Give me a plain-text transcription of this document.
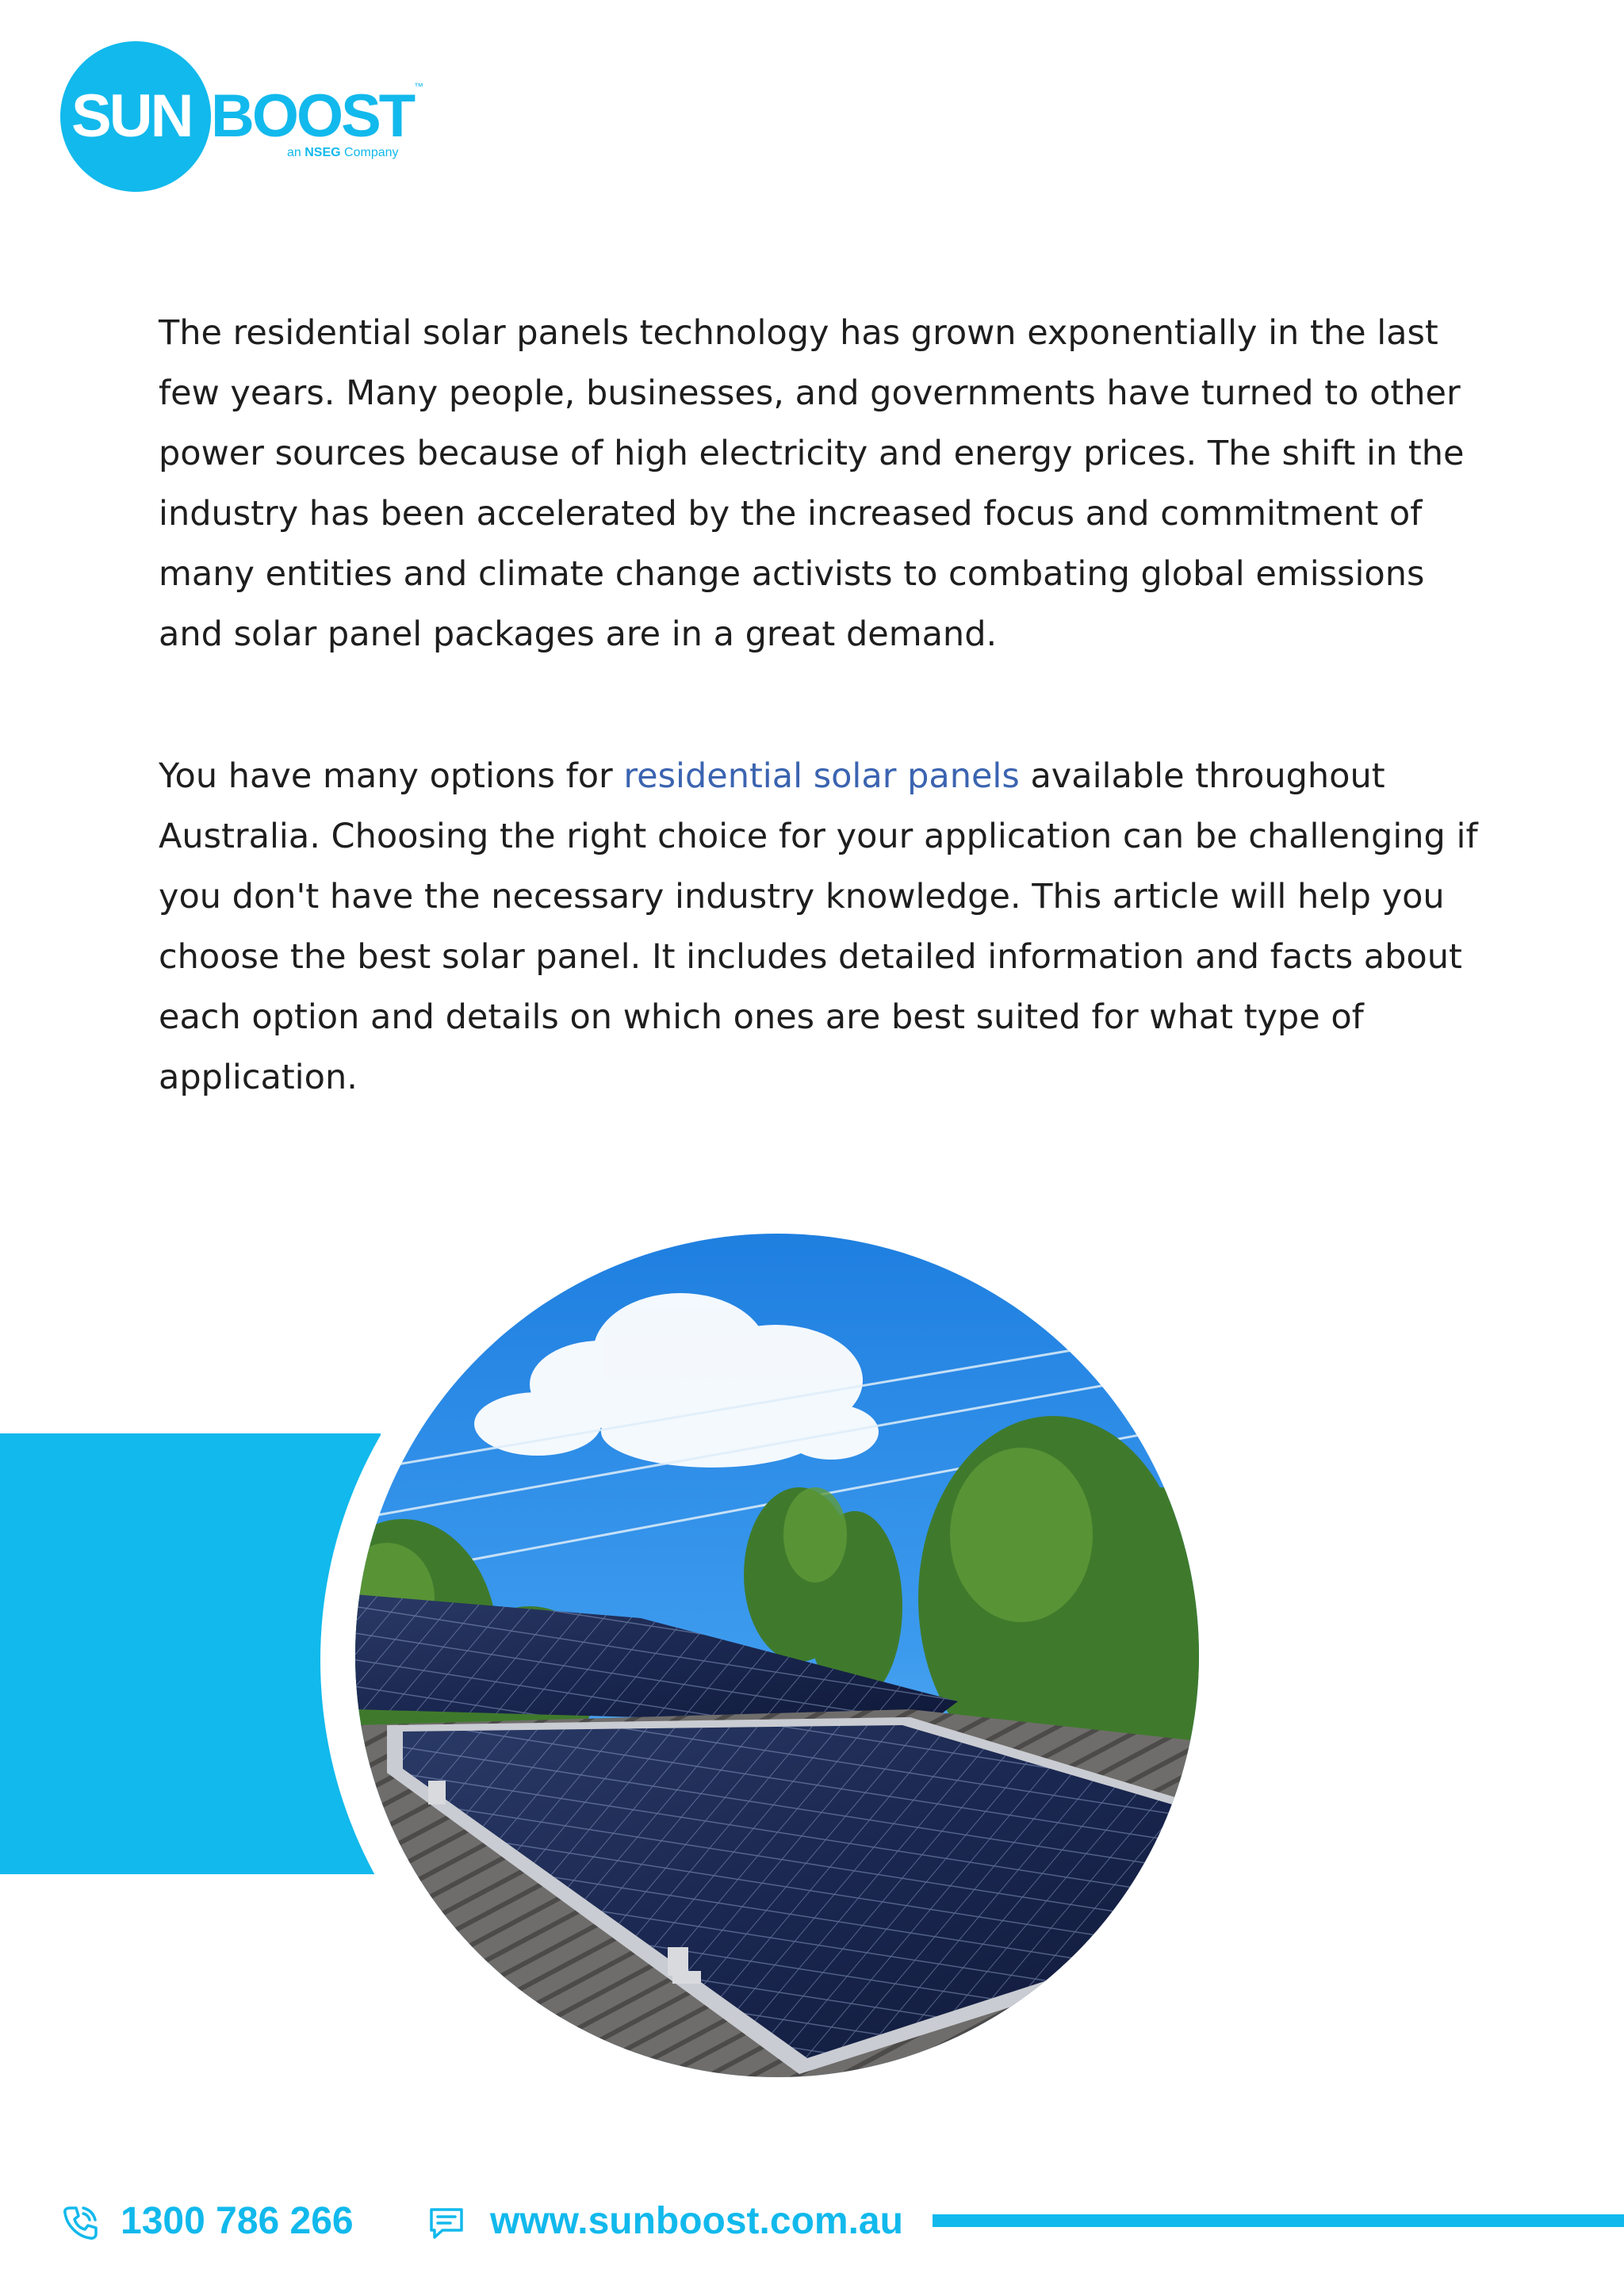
SUN BOOST ™
an NSEG Company

The residential solar panels technology has grown exponentially in the last few years. Many people, businesses, and governments have turned to other power sources because of high electricity and energy prices. The shift in the industry has been accelerated by the increased focus and commitment of many entities and climate change activists to combating global emissions and solar panel packages are in a great demand.

You have many options for residential solar panels available throughout Australia. Choosing the right choice for your application can be challenging if you don't have the necessary industry knowledge. This article will help you choose the best solar panel. It includes detailed information and facts about each option and details on which ones are best suited for what type of application.

1300 786 266	www.sunboost.com.au
